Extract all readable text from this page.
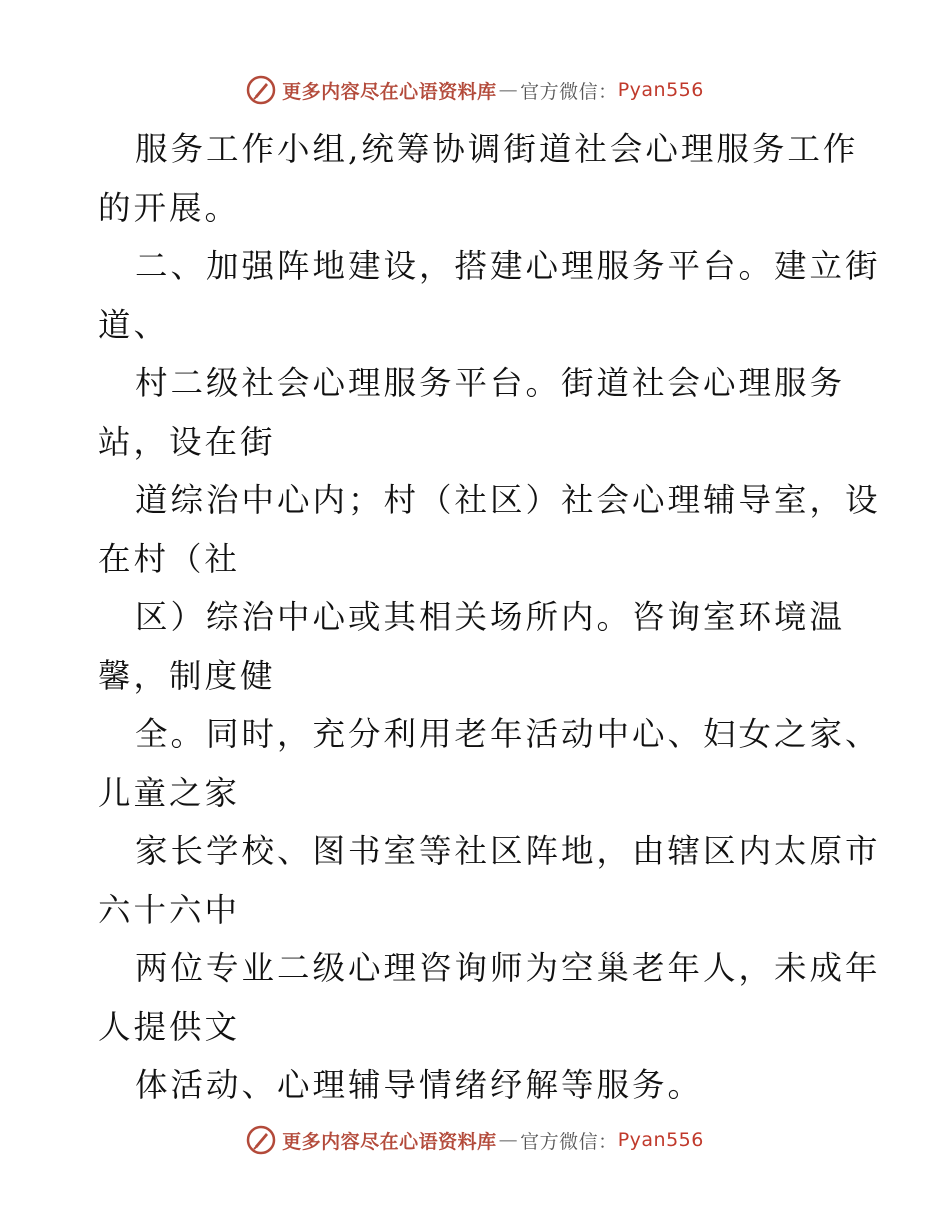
更多内容尽在心语资料库 — 官方微信： Pyan556
服务工作小组,统筹协调街道社会心理服务工作
的开展。
二、加强阵地建设，搭建心理服务平台。建立街
道、
村二级社会心理服务平台。街道社会心理服务
站，设在街
道综治中心内；村（社区）社会心理辅导室，设
在村（社
区）综治中心或其相关场所内。咨询室环境温
馨，制度健
全。同时，充分利用老年活动中心、妇女之家、
儿童之家
家长学校、图书室等社区阵地，由辖区内太原市
六十六中
两位专业二级心理咨询师为空巢老年人，未成年
人提供文
体活动、心理辅导情绪纾解等服务。
更多内容尽在心语资料库 — 官方微信： Pyan556
